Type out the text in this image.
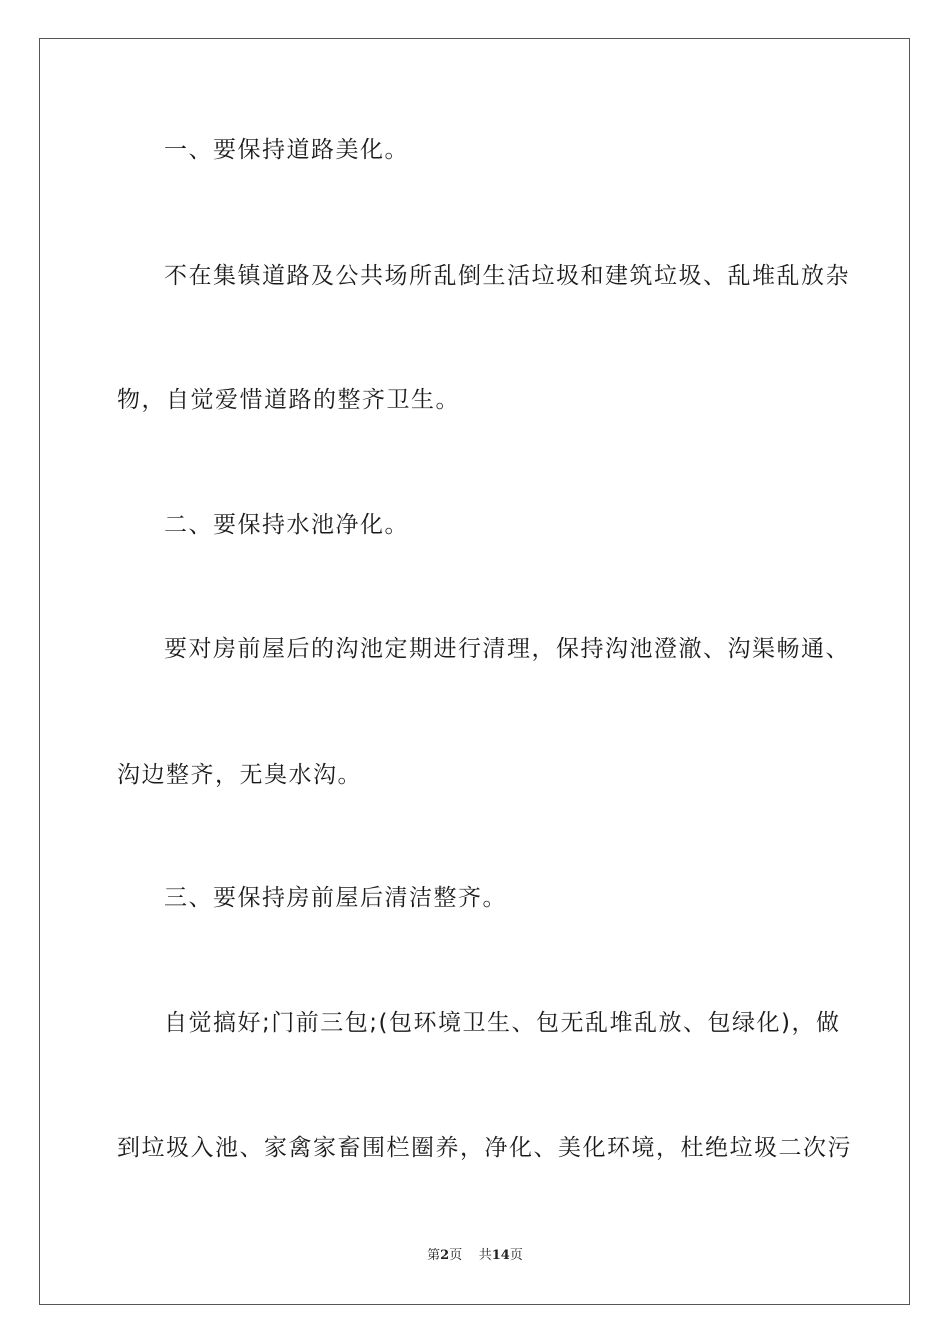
一、要保持道路美化。
不在集镇道路及公共场所乱倒生活垃圾和建筑垃圾、乱堆乱放杂
物，自觉爱惜道路的整齐卫生。
二、要保持水池净化。
要对房前屋后的沟池定期进行清理，保持沟池澄澈、沟渠畅通、
沟边整齐，无臭水沟。
三、要保持房前屋后清洁整齐。
自觉搞好;门前三包;(包环境卫生、包无乱堆乱放、包绿化)，做
到垃圾入池、家禽家畜围栏圈养，净化、美化环境，杜绝垃圾二次污
第2页 共14页
